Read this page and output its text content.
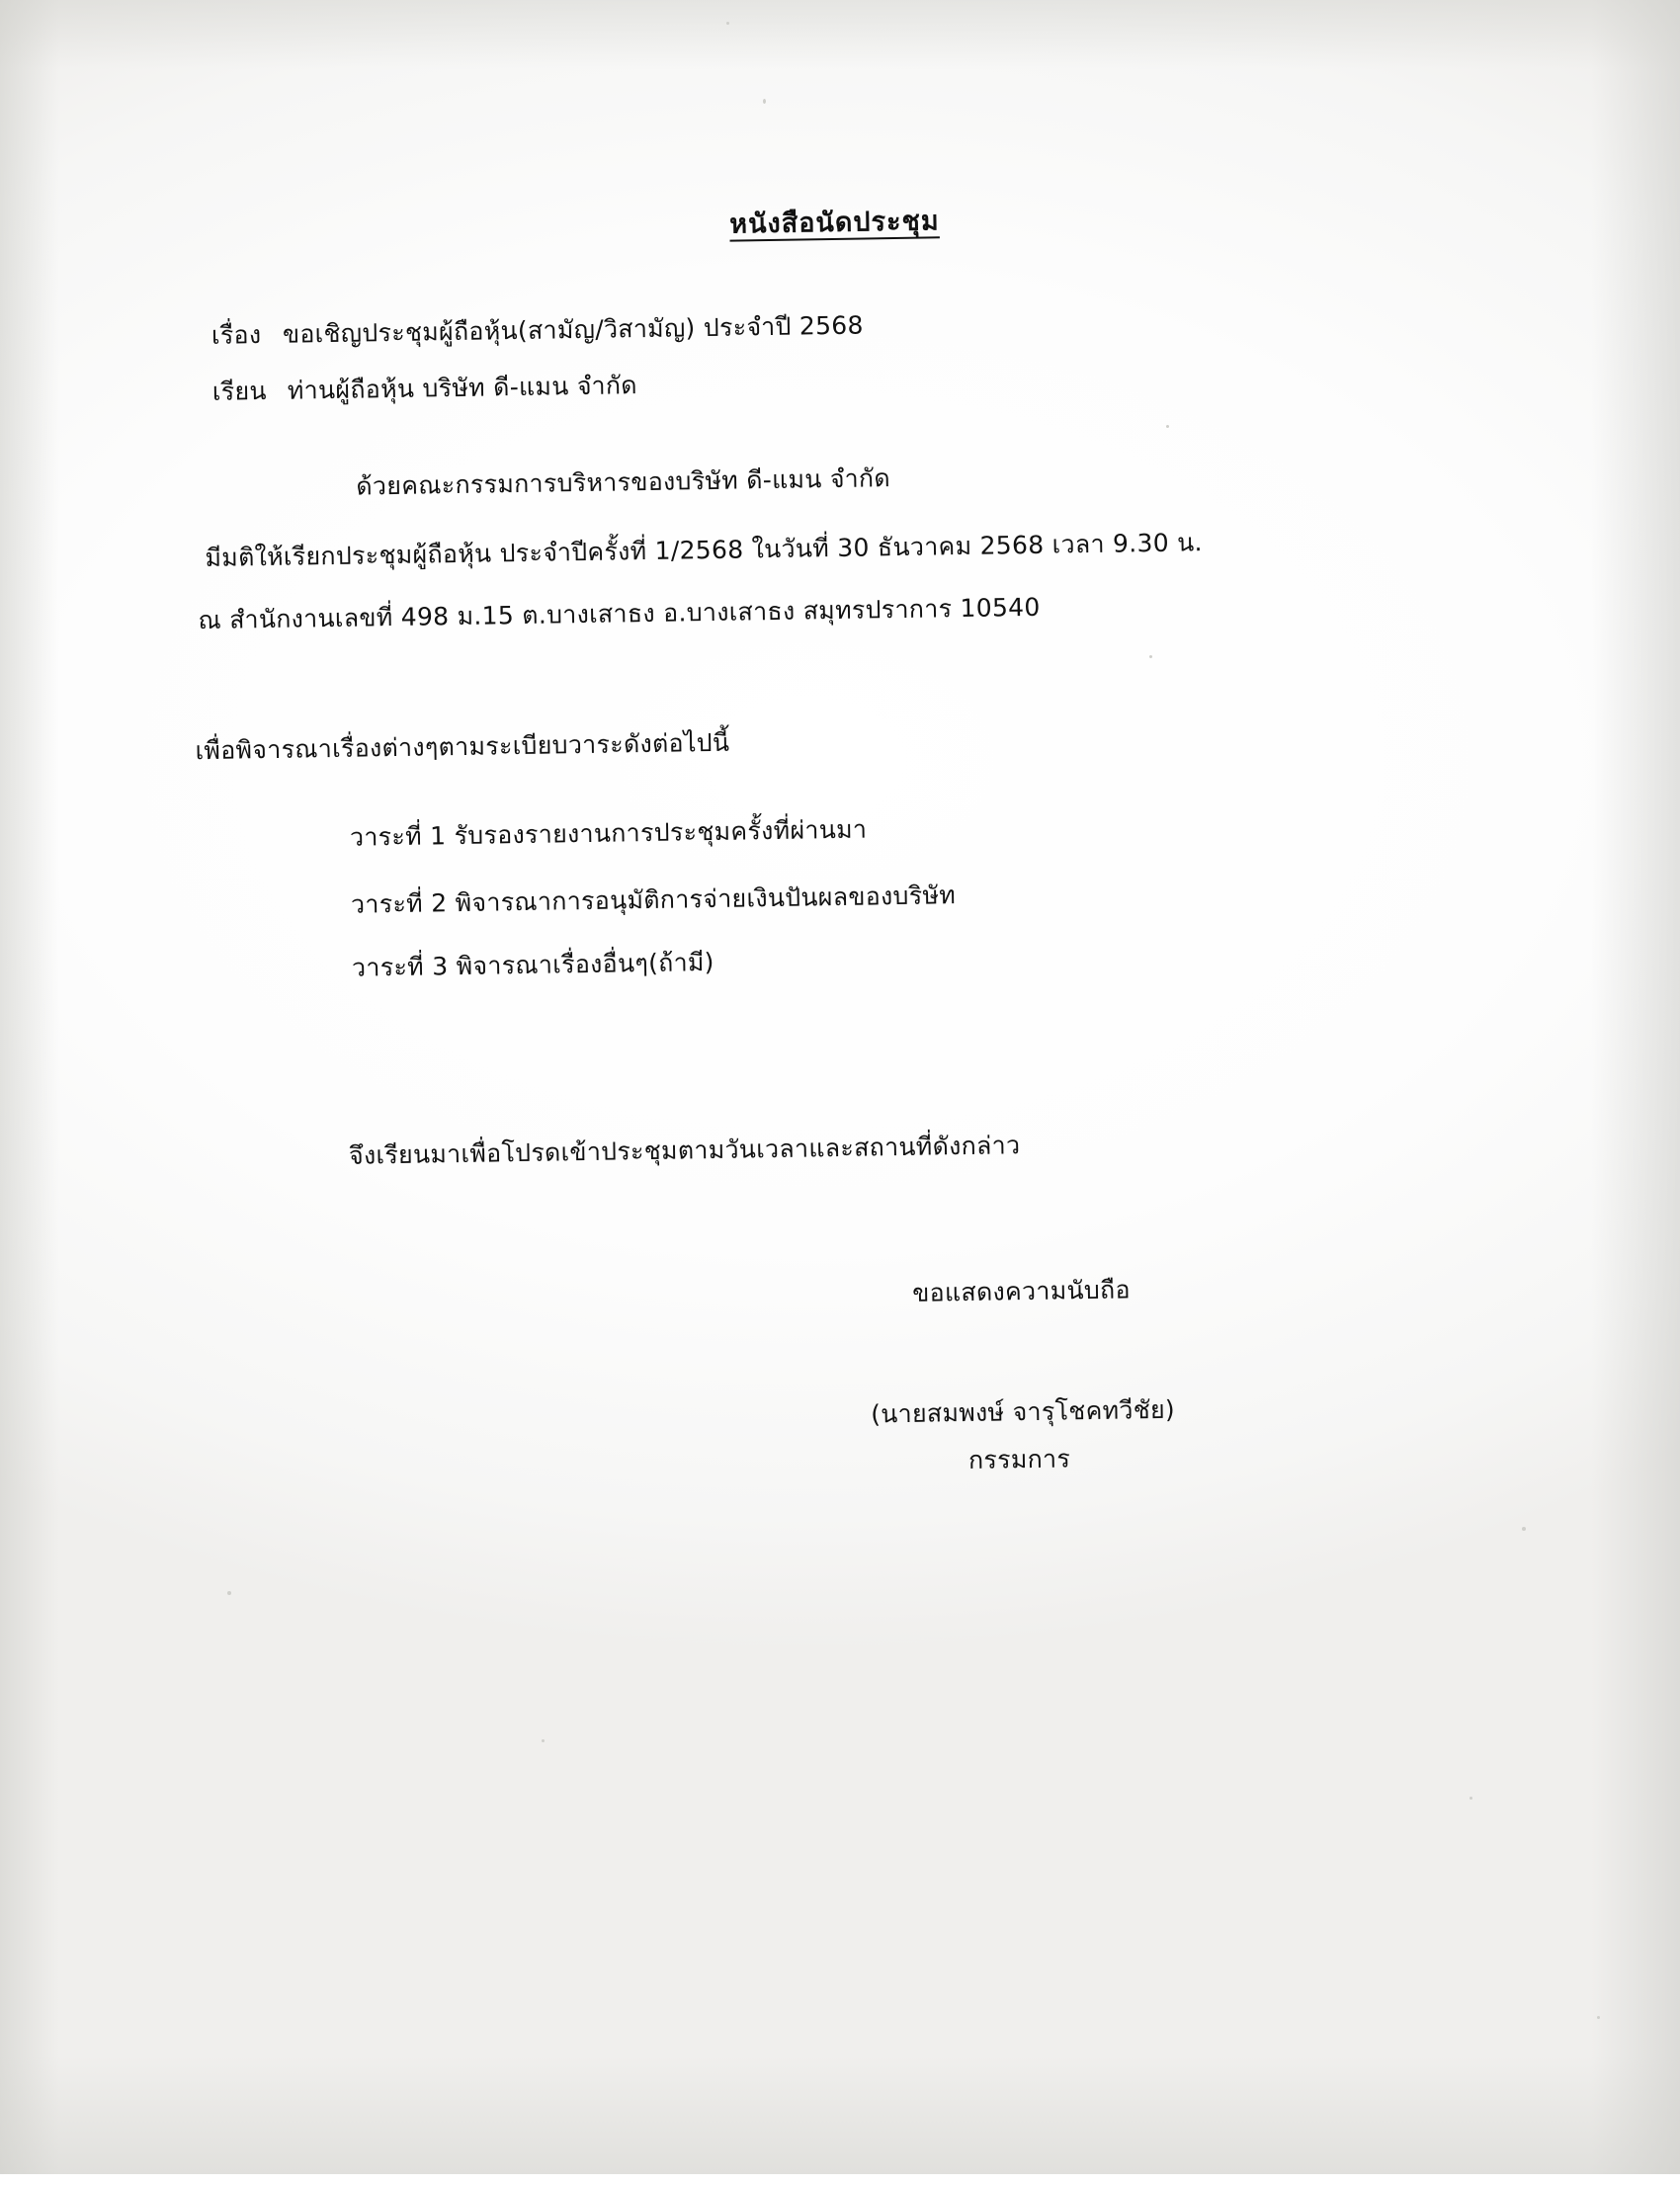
หนังสือนัดประชุม
เรื่อง ขอเชิญประชุมผู้ถือหุ้น(สามัญ/วิสามัญ) ประจำปี 2568
เรียน ท่านผู้ถือหุ้น บริษัท ดี-แมน จำกัด
ด้วยคณะกรรมการบริหารของบริษัท ดี-แมน จำกัด
มีมติให้เรียกประชุมผู้ถือหุ้น ประจำปีครั้งที่ 1/2568 ในวันที่ 30 ธันวาคม 2568 เวลา 9.30 น.
ณ สำนักงานเลขที่ 498 ม.15 ต.บางเสาธง อ.บางเสาธง สมุทรปราการ 10540
เพื่อพิจารณาเรื่องต่างๆตามระเบียบวาระดังต่อไปนี้
วาระที่ 1 รับรองรายงานการประชุมครั้งที่ผ่านมา
วาระที่ 2 พิจารณาการอนุมัติการจ่ายเงินปันผลของบริษัท
วาระที่ 3 พิจารณาเรื่องอื่นๆ(ถ้ามี)
จึงเรียนมาเพื่อโปรดเข้าประชุมตามวันเวลาและสถานที่ดังกล่าว
ขอแสดงความนับถือ
(นายสมพงษ์ จารุโชคทวีชัย)
กรรมการ
